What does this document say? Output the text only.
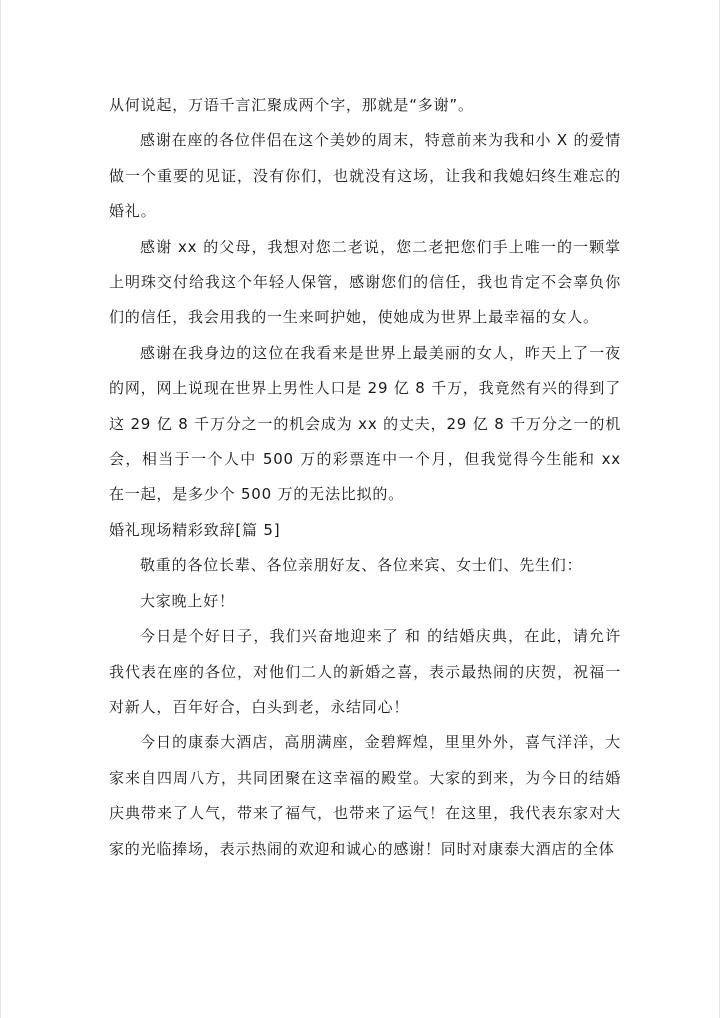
从何说起，万语千言汇聚成两个字，那就是“多谢”。

感谢在座的各位伴侣在这个美妙的周末，特意前来为我和小 X 的爱情做一个重要的见证，没有你们，也就没有这场，让我和我媳妇终生难忘的婚礼。

感谢 xx 的父母，我想对您二老说，您二老把您们手上唯一的一颗掌上明珠交付给我这个年轻人保管，感谢您们的信任，我也肯定不会辜负你们的信任，我会用我的一生来呵护她，使她成为世界上最幸福的女人。

感谢在我身边的这位在我看来是世界上最美丽的女人，昨天上了一夜的网，网上说现在世界上男性人口是 29 亿 8 千万，我竟然有兴的得到了这 29 亿 8 千万分之一的机会成为 xx 的丈夫，29 亿 8 千万分之一的机会，相当于一个人中 500 万的彩票连中一个月，但我觉得今生能和 xx 在一起，是多少个 500 万的无法比拟的。

婚礼现场精彩致辞[篇 5]

敬重的各位长辈、各位亲朋好友、各位来宾、女士们、先生们：

大家晚上好！

今日是个好日子，我们兴奋地迎来了 和 的结婚庆典，在此，请允许我代表在座的各位，对他们二人的新婚之喜，表示最热闹的庆贺，祝福一对新人，百年好合，白头到老，永结同心！

今日的康泰大酒店，高朋满座，金碧辉煌，里里外外，喜气洋洋，大家来自四周八方，共同团聚在这幸福的殿堂。大家的到来，为今日的结婚庆典带来了人气，带来了福气，也带来了运气！在这里，我代表东家对大家的光临捧场，表示热闹的欢迎和诚心的感谢！同时对康泰大酒店的全体
